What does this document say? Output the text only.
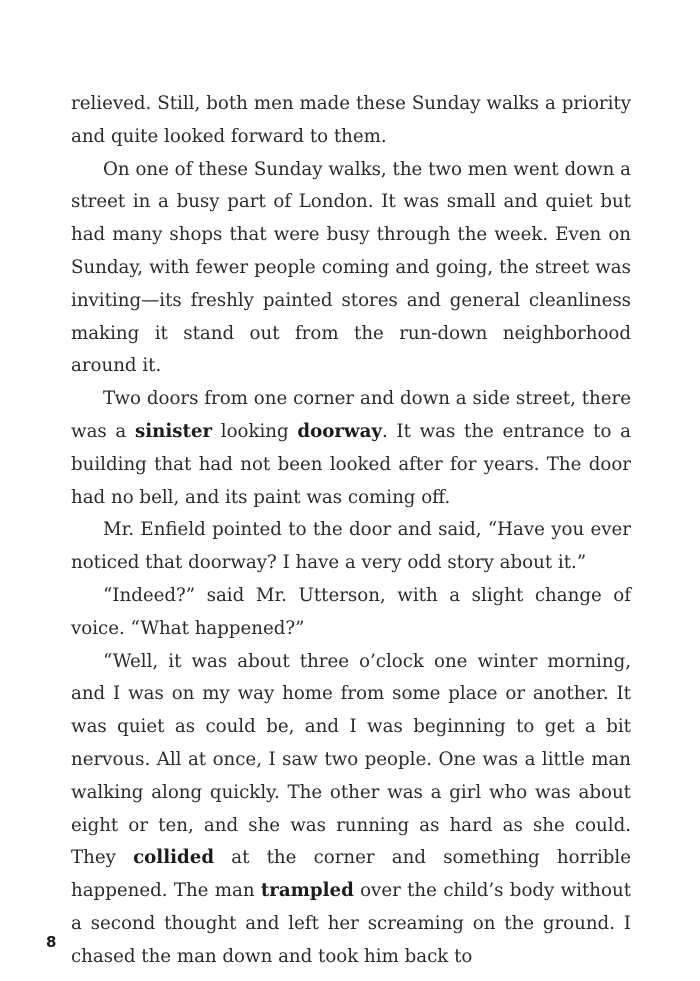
relieved. Still, both men made these Sunday walks a priority and quite looked forward to them.

On one of these Sunday walks, the two men went down a street in a busy part of London. It was small and quiet but had many shops that were busy through the week. Even on Sunday, with fewer people coming and going, the street was inviting—its freshly painted stores and general cleanliness making it stand out from the run-down neighborhood around it.

Two doors from one corner and down a side street, there was a sinister looking doorway. It was the entrance to a building that had not been looked after for years. The door had no bell, and its paint was coming off.

Mr. Enfield pointed to the door and said, “Have you ever noticed that doorway? I have a very odd story about it.”

“Indeed?” said Mr. Utterson, with a slight change of voice. “What happened?”

“Well, it was about three o’clock one winter morning, and I was on my way home from some place or another. It was quiet as could be, and I was beginning to get a bit nervous. All at once, I saw two people. One was a little man walking along quickly. The other was a girl who was about eight or ten, and she was running as hard as she could. They collided at the corner and something horrible happened. The man trampled over the child’s body without a second thought and left her screaming on the ground. I chased the man down and took him back to

8
